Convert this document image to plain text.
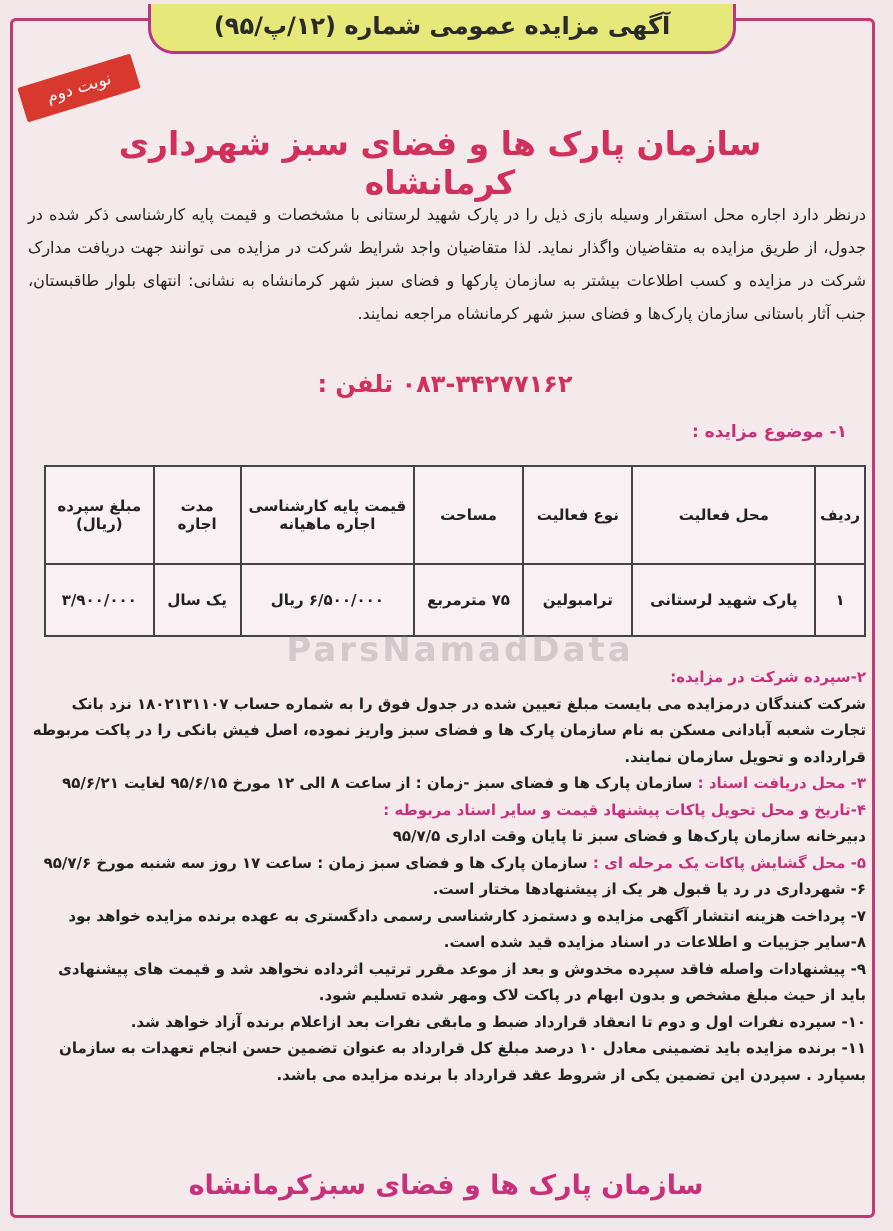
آگهی مزایده عمومی شماره (۱۲/پ/۹۵)
نوبت دوم
سازمان پارک ها و فضای سبز شهرداری کرمانشاه
درنظر دارد اجاره محل استقرار وسیله بازی ذیل را در پارک شهید لرستانی با مشخصات و قیمت پایه کارشناسی ذکر شده در جدول، از طریق مزایده به متقاضیان واگذار نماید. لذا متقاضیان واجد شرایط شرکت در مزایده می توانند جهت دریافت مدارک شرکت در مزایده و کسب اطلاعات بیشتر به سازمان پارکها و فضای سبز شهر کرمانشاه به نشانی: انتهای بلوار طاقبستان، جنب آثار باستانی سازمان پارک‌ها و فضای سبز شهر کرمانشاه مراجعه نمایند.
تلفن : ۰۸۳-۳۴۲۷۷۱۶۲
۱- موضوع مزایده :
ردیف	محل فعالیت	نوع فعالیت	مساحت	قیمت پایه کارشناسی اجاره ماهیانه	مدت اجاره	مبلغ سپرده (ریال)
۱	پارک شهید لرستانی	ترامبولین	۷۵ مترمربع	۶/۵۰۰/۰۰۰ ریال	یک سال	۳/۹۰۰/۰۰۰
ParsNamadData

۲-سپرده شرکت در مزایده:

شرکت کنندگان درمزایده می بایست مبلغ تعیین شده در جدول فوق را به شماره حساب ۱۸۰۲۱۳۱۱۰۷ نزد بانک تجارت شعبه آبادانی مسکن به نام سازمان پارک ها و فضای سبز واریز نموده، اصل فیش بانکی را در پاکت مربوطه قرارداده و تحویل سازمان نمایند.

۳- محل دریافت اسناد : سازمان پارک ها و فضای سبز -زمان : از ساعت ۸ الی ۱۲ مورخ ۹۵/۶/۱۵ لغایت ۹۵/۶/۲۱

۴-تاریخ و محل تحویل پاکات پیشنهاد قیمت و سایر اسناد مربوطه :

دبیرخانه سازمان پارک‌ها و فضای سبز تا پایان وقت اداری ۹۵/۷/۵

۵- محل گشایش پاکات یک مرحله ای : سازمان پارک ها و فضای سبز زمان : ساعت ۱۷ روز سه شنبه مورخ ۹۵/۷/۶

۶- شهرداری در رد یا قبول هر یک از پیشنهادها مختار است.

۷- پرداخت هزینه انتشار آگهی مزایده و دستمزد کارشناسی رسمی دادگستری به عهده برنده مزایده خواهد بود

۸-سایر جزییات و اطلاعات در اسناد مزایده قید شده است.

۹- پیشنهادات واصله فاقد سپرده مخدوش و بعد از موعد مقرر ترتیب اثرداده نخواهد شد و قیمت های پیشنهادی باید از حیث مبلغ مشخص و بدون ابهام در پاکت لاک ومهر شده تسلیم شود.

۱۰- سپرده نفرات اول و دوم تا انعقاد قرارداد ضبط و مابقی نفرات بعد ازاعلام برنده آزاد خواهد شد.

۱۱- برنده مزایده باید تضمینی معادل ۱۰ درصد مبلغ کل قرارداد به عنوان تضمین حسن انجام تعهدات به سازمان بسپارد . سپردن این تضمین یکی از شروط عقد قرارداد با برنده مزایده می باشد.

سازمان پارک ها و فضای سبزکرمانشاه
